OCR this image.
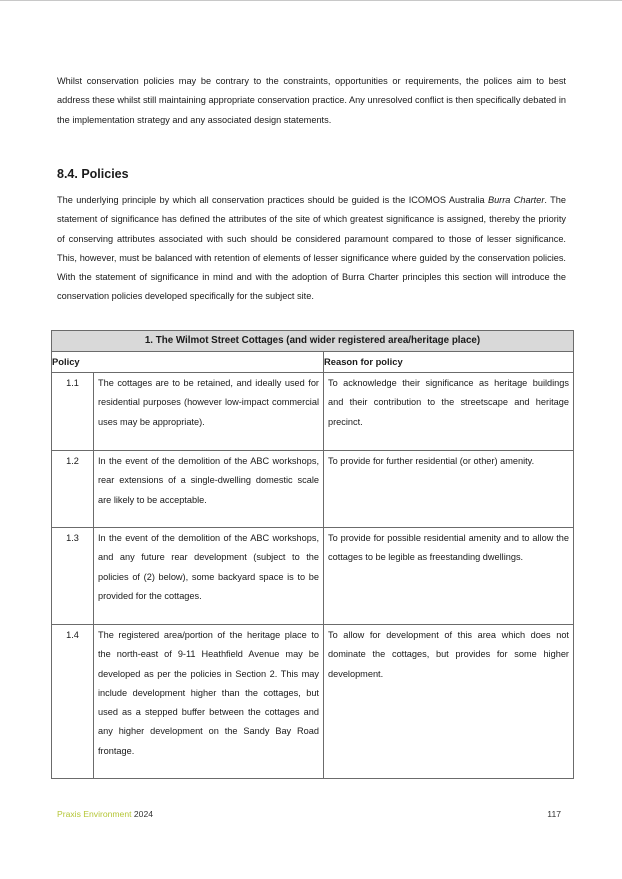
Whilst conservation policies may be contrary to the constraints, opportunities or requirements, the polices aim to best address these whilst still maintaining appropriate conservation practice. Any unresolved conflict is then specifically debated in the implementation strategy and any associated design statements.

8.4. Policies

The underlying principle by which all conservation practices should be guided is the ICOMOS Australia Burra Charter. The statement of significance has defined the attributes of the site of which greatest significance is assigned, thereby the priority of conserving attributes associated with such should be considered paramount compared to those of lesser significance. This, however, must be balanced with retention of elements of lesser significance where guided by the conservation policies. With the statement of significance in mind and with the adoption of Burra Charter principles this section will introduce the conservation policies developed specifically for the subject site.

1. The Wilmot Street Cottages (and wider registered area/heritage place)		
Policy		Reason for policy
1.1	The cottages are to be retained, and ideally used for residential purposes (however low-impact commercial uses may be appropriate).	To acknowledge their significance as heritage buildings and their contribution to the streetscape and heritage precinct.
1.2	In the event of the demolition of the ABC workshops, rear extensions of a single-dwelling domestic scale are likely to be acceptable.	To provide for further residential (or other) amenity.
1.3	In the event of the demolition of the ABC workshops, and any future rear development (subject to the policies of (2) below), some backyard space is to be provided for the cottages.	To provide for possible residential amenity and to allow the cottages to be legible as freestanding dwellings.
1.4	The registered area/portion of the heritage place to the north-east of 9-11 Heathfield Avenue may be developed as per the policies in Section 2. This may include development higher than the cottages, but used as a stepped buffer between the cottages and any higher development on the Sandy Bay Road frontage.	To allow for development of this area which does not dominate the cottages, but provides for some higher development.
Praxis Environment 2024	117
